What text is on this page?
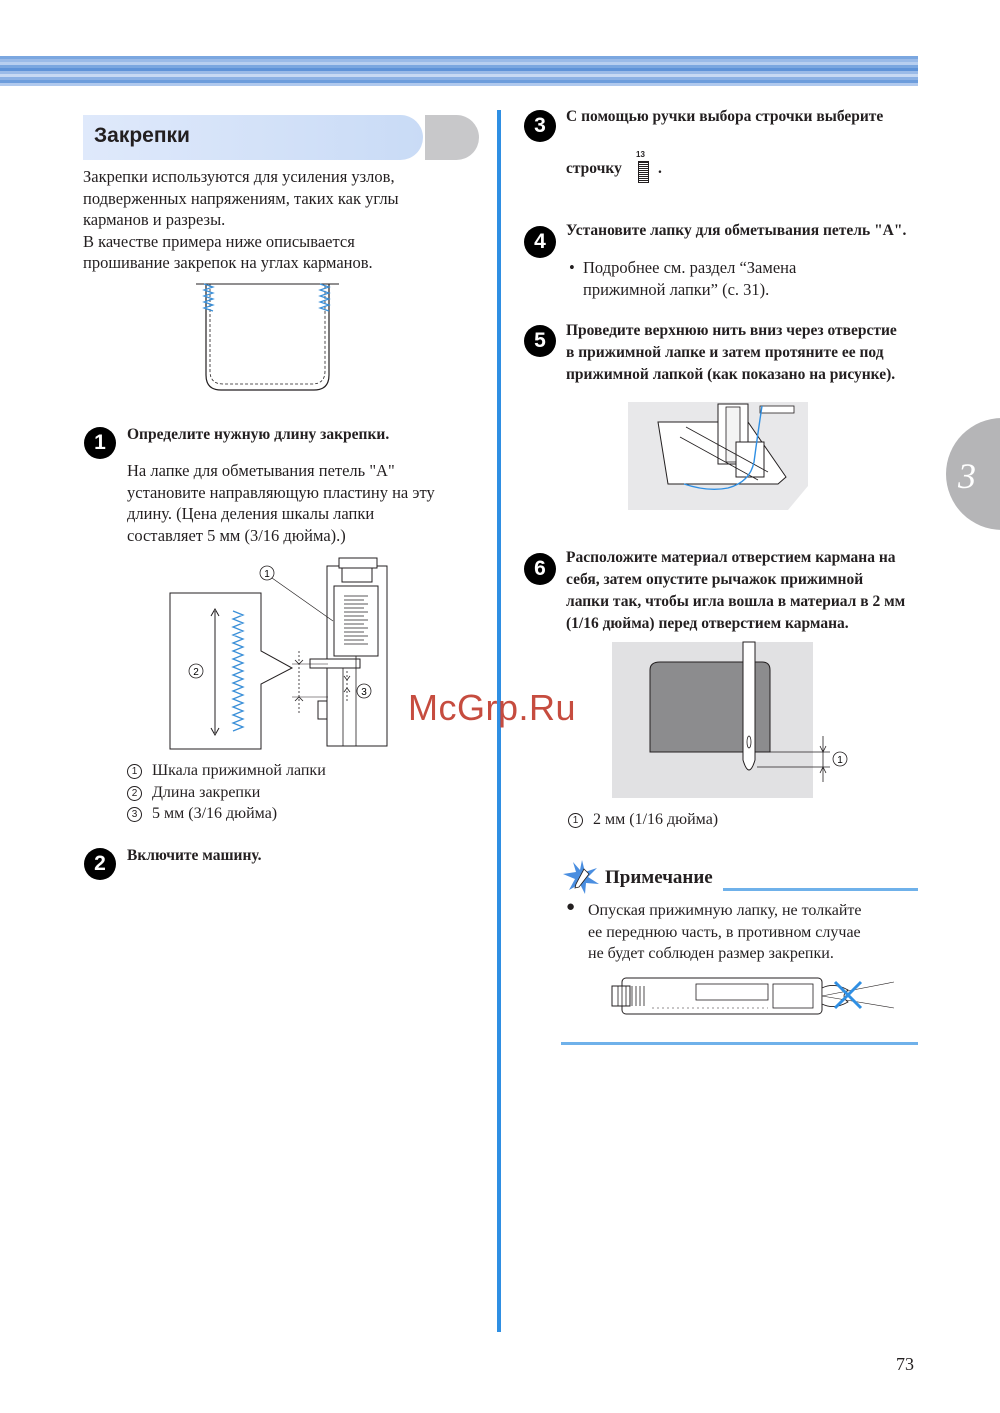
Закрепки
Закрепки используются для усиления узлов,
подверженных напряжениям, таких как углы
карманов и разрезы.
В качестве примера ниже описывается
прошивание закрепок на углах карманов.
1	Определите нужную длину закрепки.
На лапке для обметывания петель "A"
установите направляющую пластину на эту
длину. (Цена деления шкалы лапки
составляет 5 мм (3/16 дюйма).)
2
3
1
1 Шкала прижимной лапки
2 Длина закрепки
3 5 мм (3/16 дюйма)
2	Включите машину.
3	С помощью ручки выбора строчки выберите
строчку
13
.
4	Установите лапку для обметывания петель "A".
• Подробнее см. раздел “Замена
прижимной лапки” (с. 31).
5	Проведите верхнюю нить вниз через отверстие
в прижимной лапке и затем протяните ее под
прижимной лапкой (как показано на рисунке).
6	Расположите материал отверстием кармана на
себя, затем опустите рычажок прижимной
лапки так, чтобы игла вошла в материал в 2 мм
(1/16 дюйма) перед отверстием кармана.
1
1 2 мм (1/16 дюйма)
Примечание
● Опуская прижимную лапку, не толкайте
ее переднюю часть, в противном случае
не будет соблюден размер закрепки.
3
McGrp.Ru
73
